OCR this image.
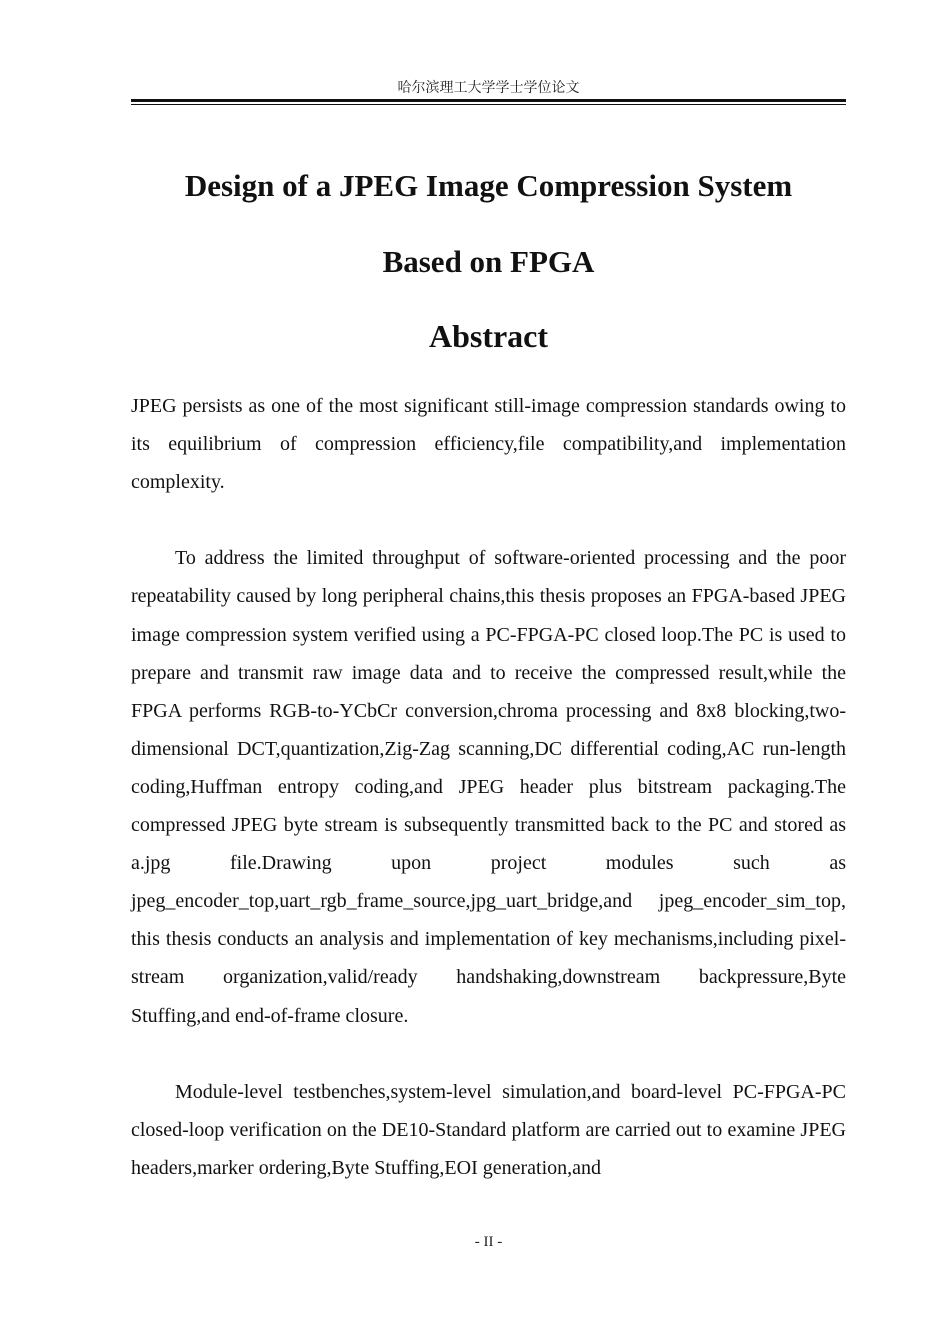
哈尔滨理工大学学士学位论文
Design of a JPEG Image Compression System
Based on FPGA
Abstract

JPEG persists as one of the most significant still-image compression standards owing to its equilibrium of compression efficiency,file compatibility,and implementation complexity.

To address the limited throughput of software-oriented processing and the poor repeatability caused by long peripheral chains,this thesis proposes an FPGA-based JPEG image compression system verified using a PC-FPGA-PC closed loop.The PC is used to prepare and transmit raw image data and to receive the compressed result,while the FPGA performs RGB-to-YCbCr conversion,chroma processing and 8x8 blocking,two-dimensional DCT,quantization,Zig-Zag scanning,DC differential coding,AC run-length coding,Huffman entropy coding,and JPEG header plus bitstream packaging.The compressed JPEG byte stream is subsequently transmitted back to the PC and stored as a.jpg file.Drawing upon project modules such as jpeg_encoder_top,uart_rgb_frame_source,jpg_uart_bridge,and jpeg_encoder_sim_top, this thesis conducts an analysis and implementation of key mechanisms,including pixel-stream organization,valid/ready handshaking,downstream backpressure,Byte Stuffing,and end-of-frame closure.

Module-level testbenches,system-level simulation,and board-level PC-FPGA-PC closed-loop verification on the DE10-Standard platform are carried out to examine JPEG headers,marker ordering,Byte Stuffing,EOI generation,and

- II -
